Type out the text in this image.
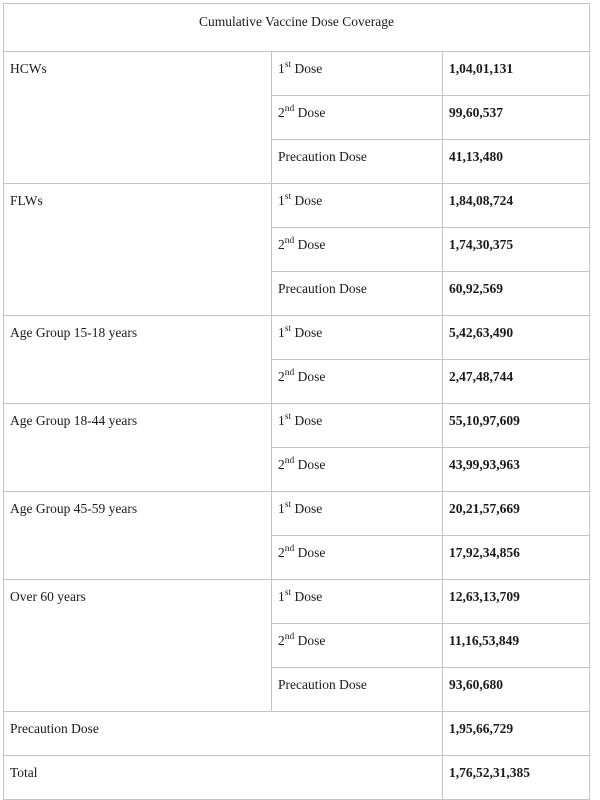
Cumulative Vaccine Dose Coverage		
HCWs	1st Dose	1,04,01,131
	2nd Dose	99,60,537
	Precaution Dose	41,13,480
FLWs	1st Dose	1,84,08,724
	2nd Dose	1,74,30,375
	Precaution Dose	60,92,569
Age Group 15-18 years	1st Dose	5,42,63,490
	2nd Dose	2,47,48,744
Age Group 18-44 years	1st Dose	55,10,97,609
	2nd Dose	43,99,93,963
Age Group 45-59 years	1st Dose	20,21,57,669
	2nd Dose	17,92,34,856
Over 60 years	1st Dose	12,63,13,709
	2nd Dose	11,16,53,849
	Precaution Dose	93,60,680
Precaution Dose		1,95,66,729
Total		1,76,52,31,385
